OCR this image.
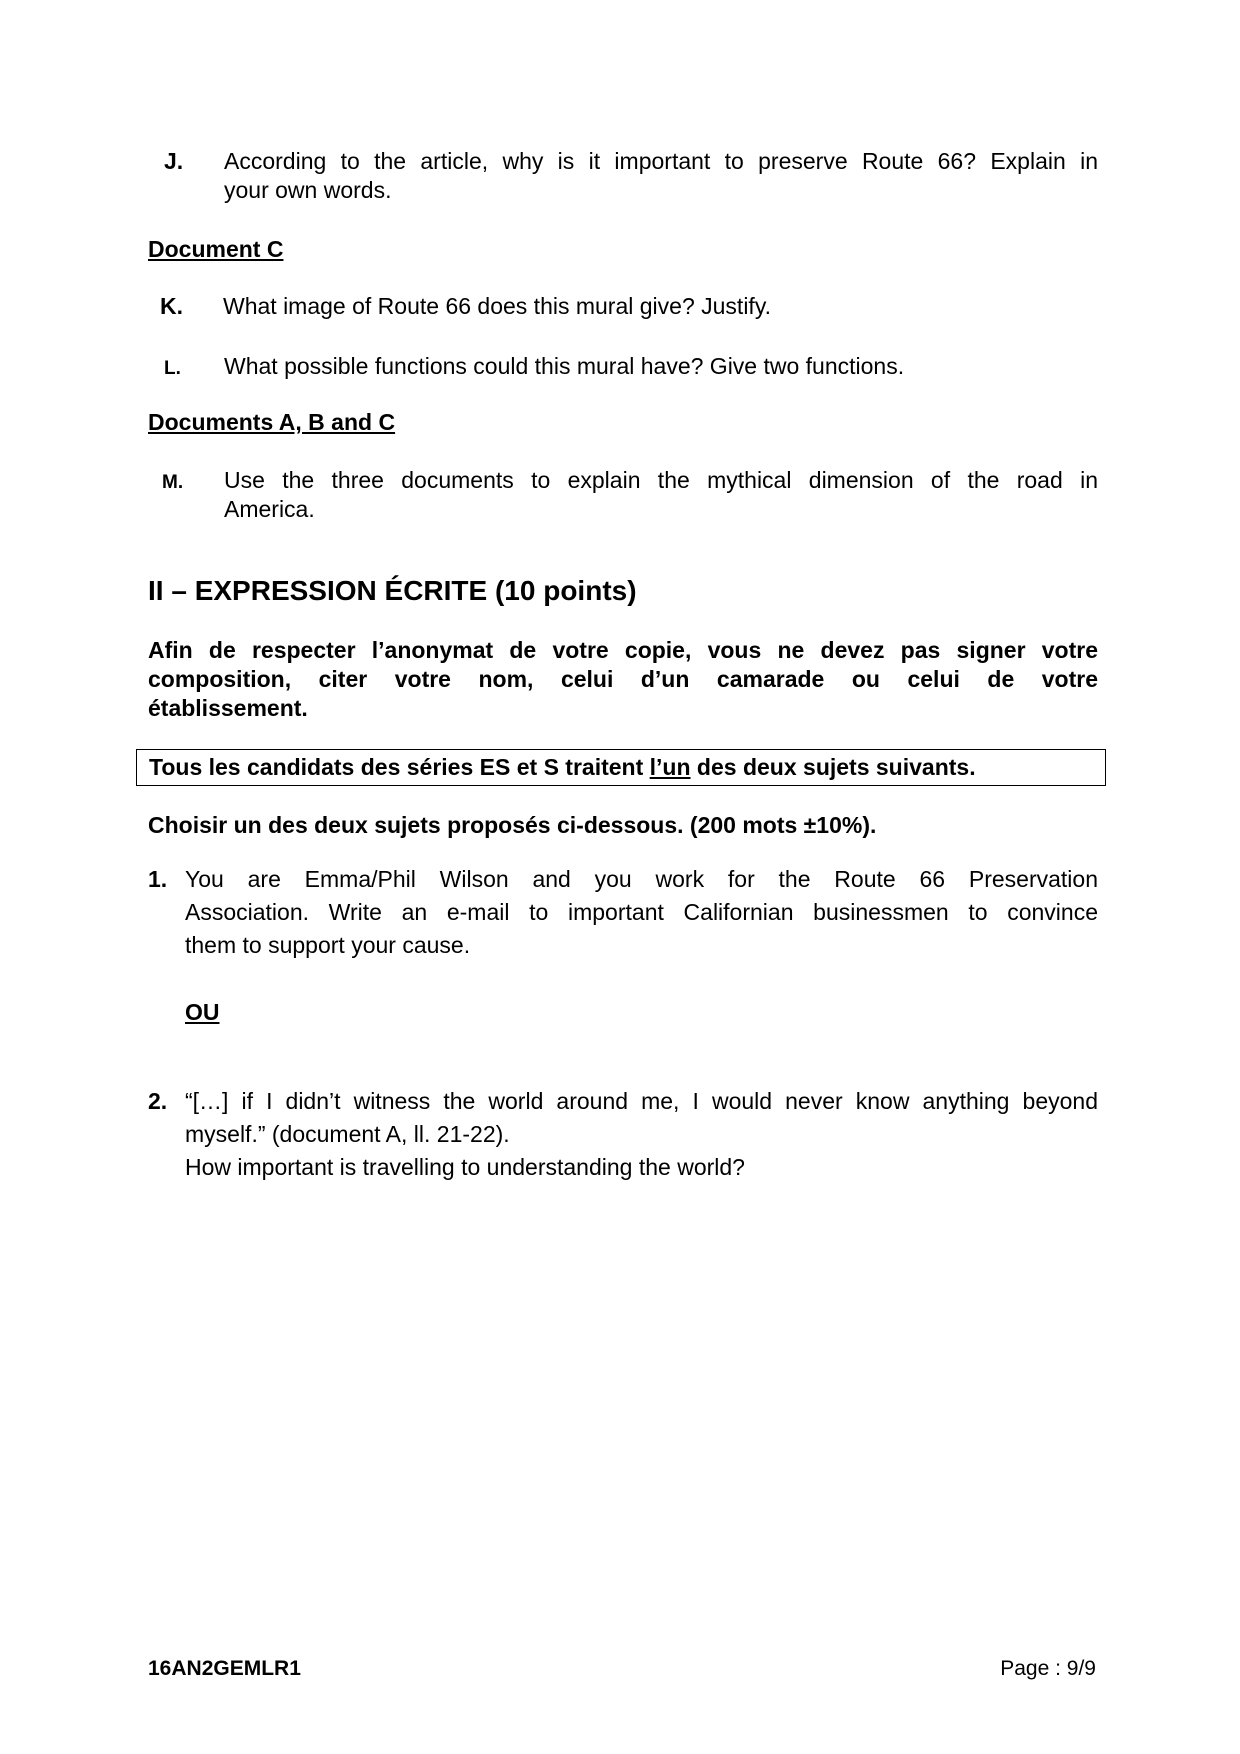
J.	According to the article, why is it important to preserve Route 66? Explain in
your own words.
Document C
K.	What image of Route 66 does this mural give? Justify.
L.	What possible functions could this mural have? Give two functions.
Documents A, B and C
M.	Use the three documents to explain the mythical dimension of the road in
America.
II – EXPRESSION ÉCRITE (10 points)
Afin de respecter l’anonymat de votre copie, vous ne devez pas signer votre
composition, citer votre nom, celui d’un camarade ou celui de votre
établissement.
Tous les candidats des séries ES et S traitent l’un des deux sujets suivants.
Choisir un des deux sujets proposés ci-dessous. (200 mots ±10%).
1. You are Emma/Phil Wilson and you work for the Route 66 Preservation
Association. Write an e-mail to important Californian businessmen to convince
them to support your cause.
OU
2. “[…] if I didn’t witness the world around me, I would never know anything beyond
myself.” (document A, ll. 21-22).
How important is travelling to understanding the world?
16AN2GEMLR1	Page : 9/9
